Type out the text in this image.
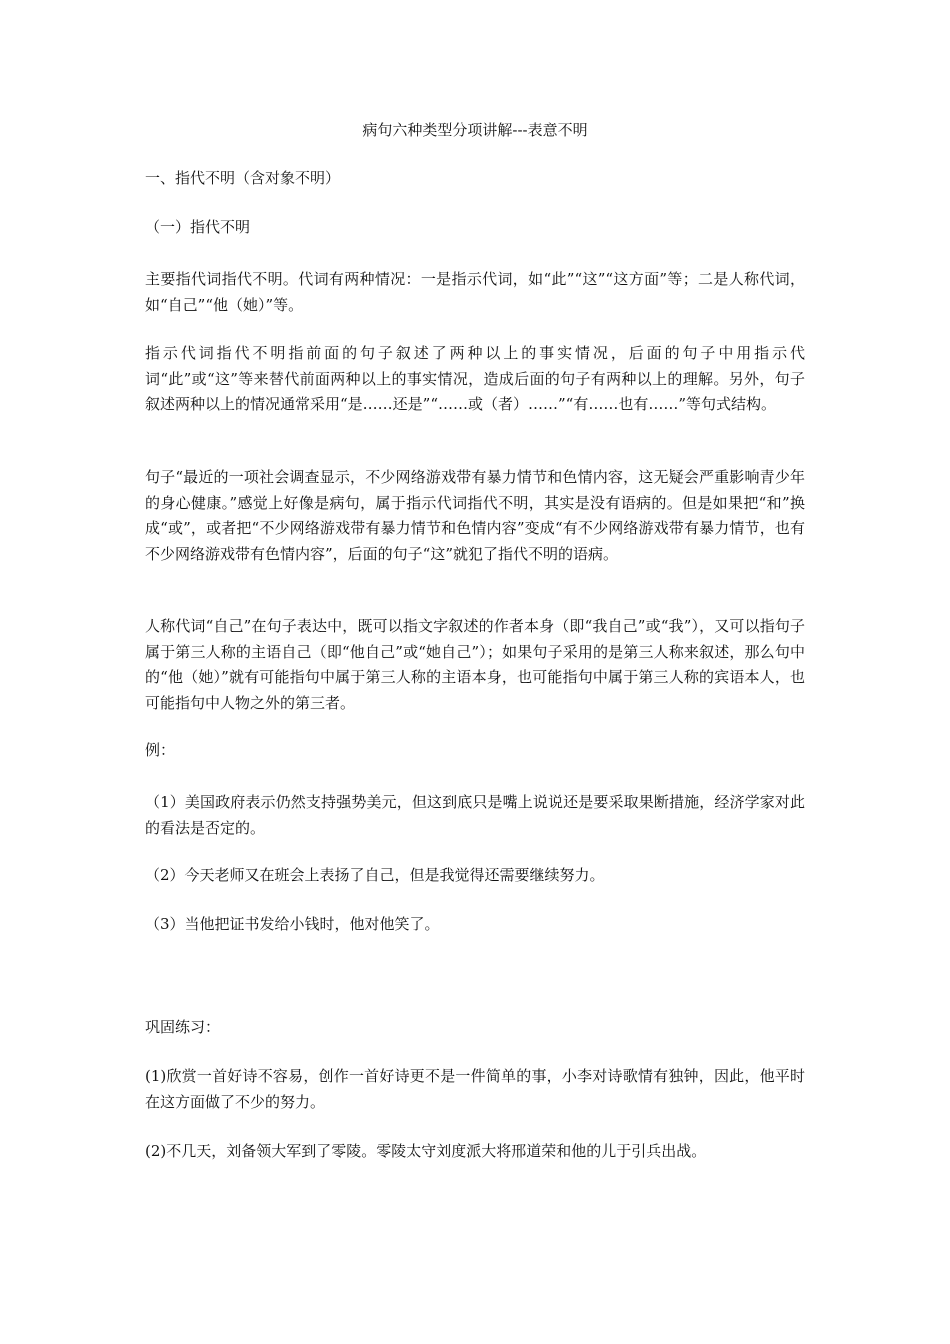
病句六种类型分项讲解---表意不明

一、指代不明（含对象不明）

（一）指代不明

主要指代词指代不明。代词有两种情况：一是指示代词，如“此”“这”“这方面”等；二是人称代词，如“自己”“他（她）”等。

指示代词指代不明指前面的句子叙述了两种以上的事实情况，后面的句子中用指示代词“此”或“这”等来替代前面两种以上的事实情况，造成后面的句子有两种以上的理解。另外，句子叙述两种以上的情况通常采用“是……还是”“……或（者）……”“有……也有……”等句式结构。

句子“最近的一项社会调查显示，不少网络游戏带有暴力情节和色情内容，这无疑会严重影响青少年的身心健康。”感觉上好像是病句，属于指示代词指代不明，其实是没有语病的。但是如果把“和”换成“或”，或者把“不少网络游戏带有暴力情节和色情内容”变成“有不少网络游戏带有暴力情节，也有不少网络游戏带有色情内容”，后面的句子“这”就犯了指代不明的语病。

人称代词“自己”在句子表达中，既可以指文字叙述的作者本身（即“我自己”或“我”），又可以指句子属于第三人称的主语自己（即“他自己”或“她自己”）；如果句子采用的是第三人称来叙述，那么句中的“他（她）”就有可能指句中属于第三人称的主语本身，也可能指句中属于第三人称的宾语本人，也可能指句中人物之外的第三者。

例：

（1）美国政府表示仍然支持强势美元，但这到底只是嘴上说说还是要采取果断措施，经济学家对此的看法是否定的。

（2）今天老师又在班会上表扬了自己，但是我觉得还需要继续努力。

（3）当他把证书发给小钱时，他对他笑了。

巩固练习：

(1)欣赏一首好诗不容易，创作一首好诗更不是一件简单的事，小李对诗歌情有独钟，因此，他平时在这方面做了不少的努力。

(2)不几天，刘备领大军到了零陵。零陵太守刘度派大将邢道荣和他的儿于引兵出战。
